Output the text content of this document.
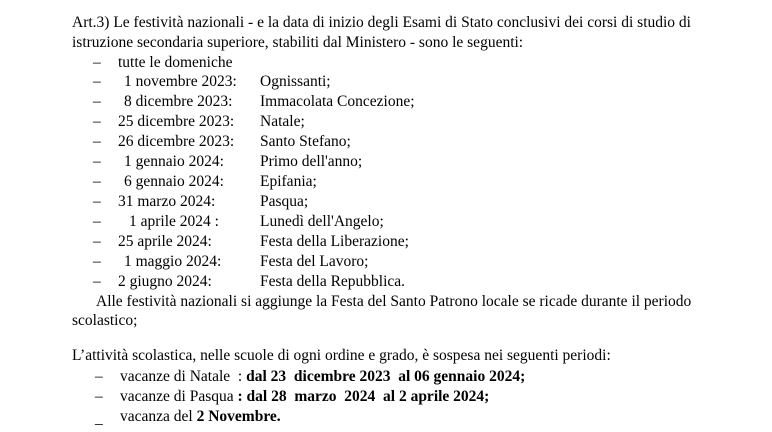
Art.3) Le festività nazionali - e la data di inizio degli Esami di Stato conclusivi dei corsi di studio di
istruzione secondaria superiore, stabiliti dal Ministero - sono le seguenti:
– tutte le domeniche
– 1 novembre 2023: Ognissanti;
– 8 dicembre 2023: Immacolata Concezione;
– 25 dicembre 2023: Natale;
– 26 dicembre 2023: Santo Stefano;
– 1 gennaio 2024: Primo dell'anno;
– 6 gennaio 2024: Epifania;
– 31 marzo 2024:	Pasqua;
– 1 aprile 2024 :	Lunedì dell'Angelo;
– 25 aprile 2024:	Festa della Liberazione;
– 1 maggio 2024: Festa del Lavoro;
– 2 giugno 2024:	Festa della Repubblica.
Alle festività nazionali si aggiunge la Festa del Santo Patrono locale se ricade durante il periodo
scolastico;
L’attività scolastica, nelle scuole di ogni ordine e grado, è sospesa nei seguenti periodi:
– vacanze di Natale  : dal 23  dicembre 2023  al 06 gennaio 2024;
– vacanze di Pasqua : dal 28  marzo  2024  al 2 aprile 2024;
_ vacanza del 2 Novembre.
